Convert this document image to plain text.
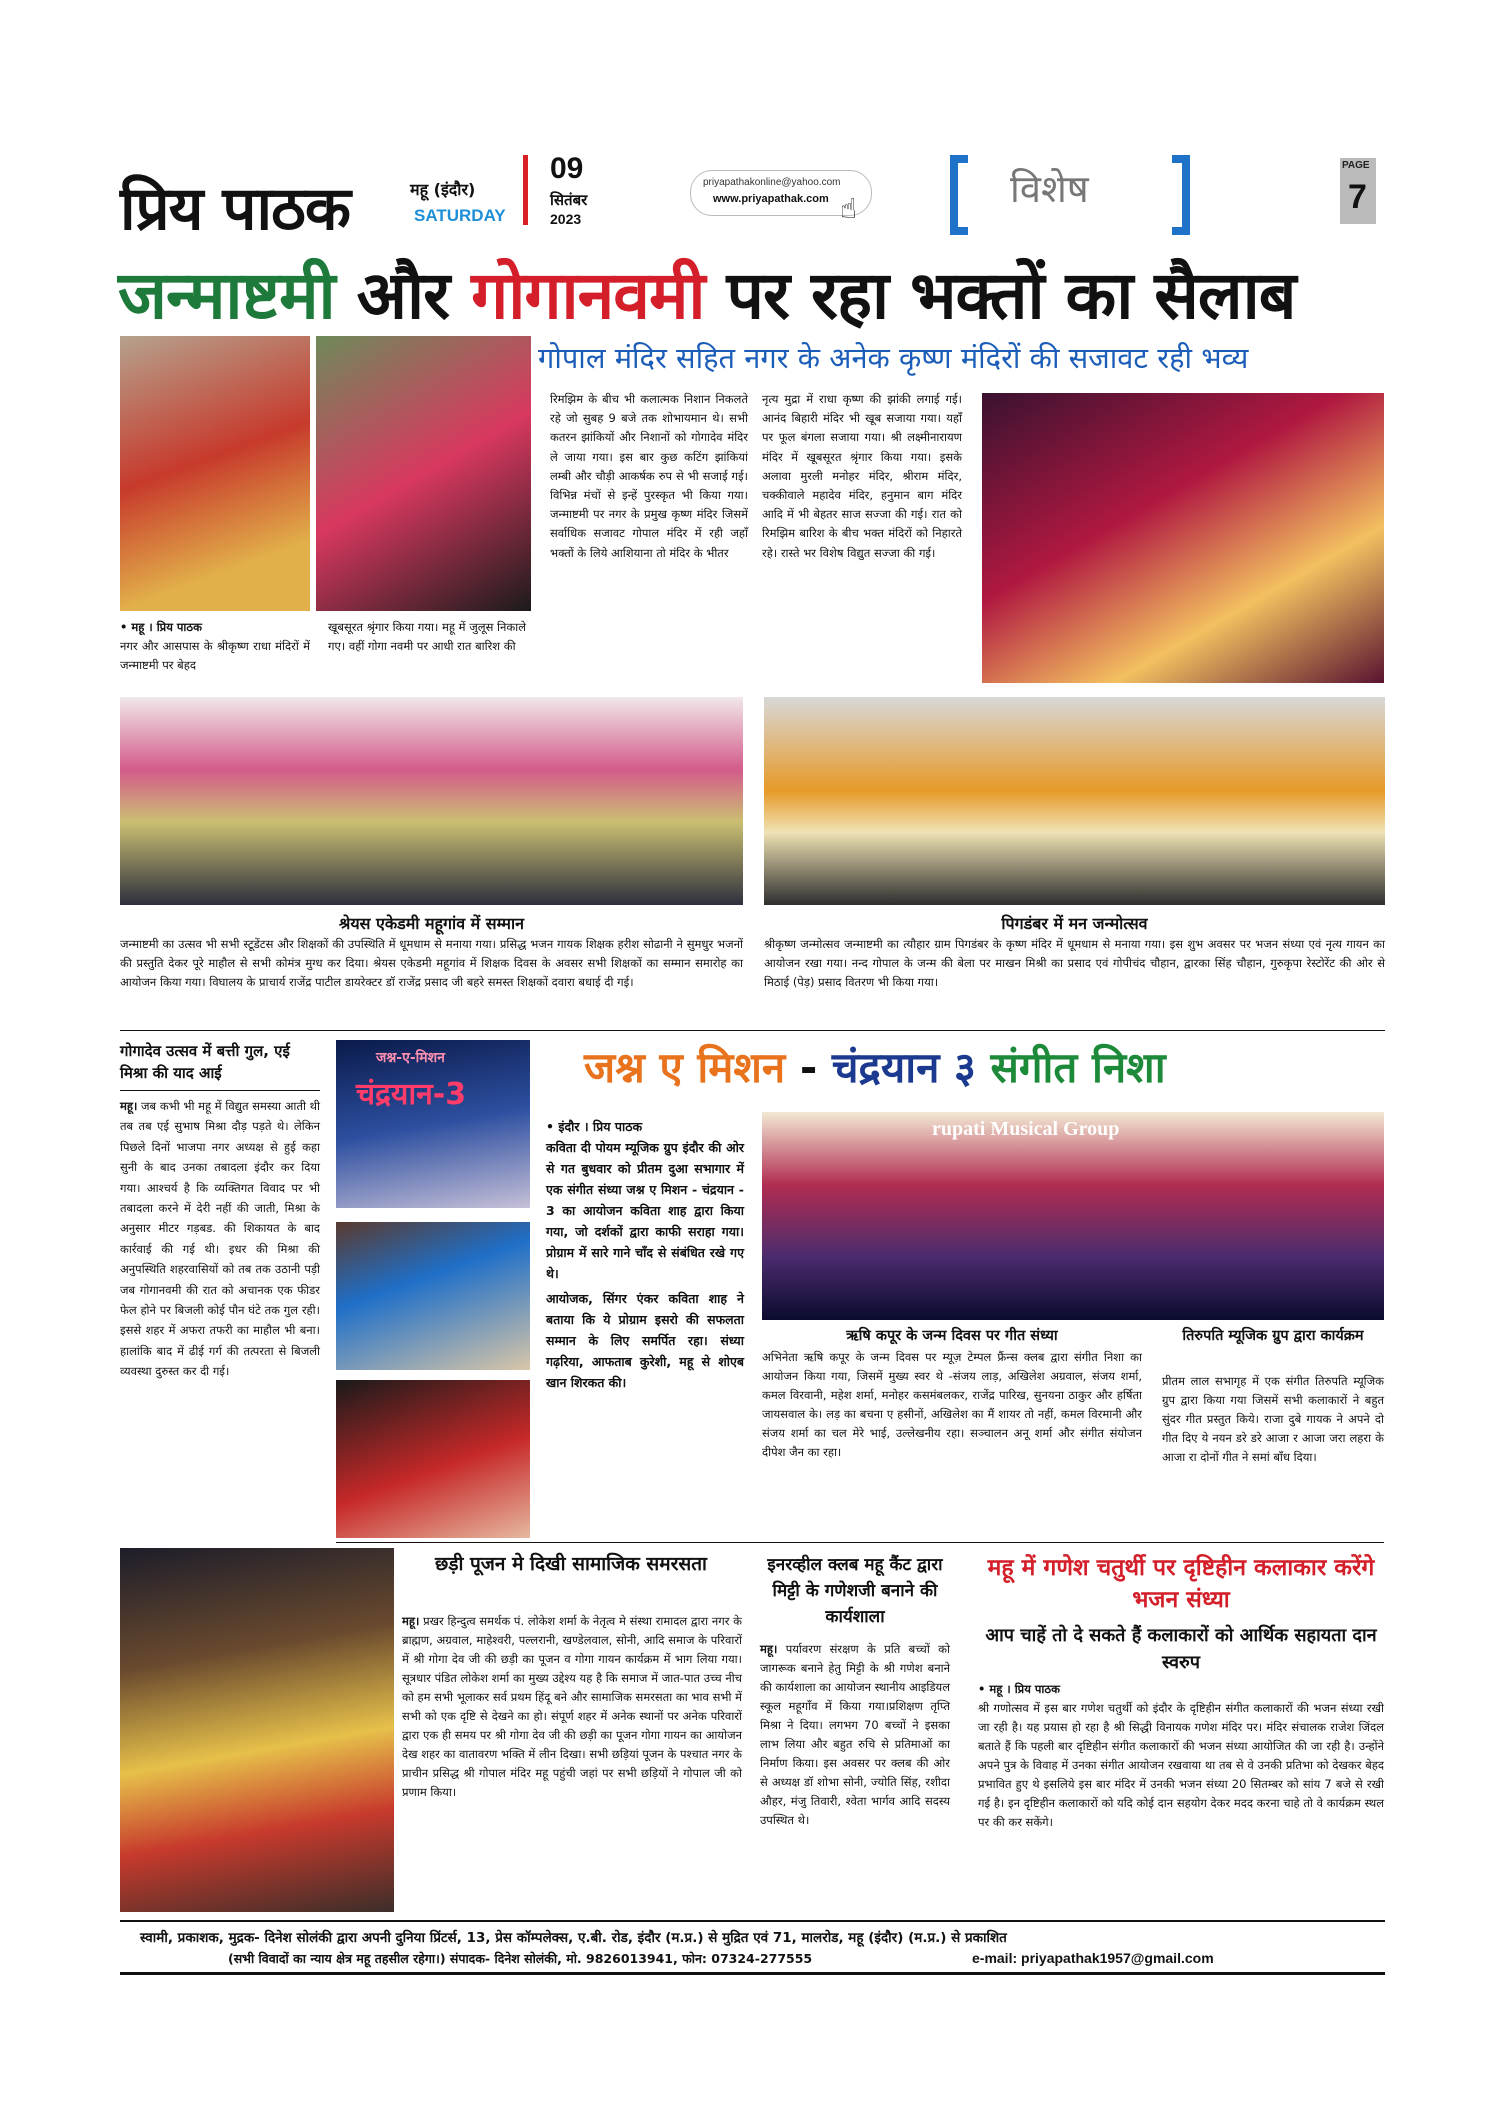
प्रिय पाठक	महू (इंदौर)
SATURDAY
09
सितंबर
2023
priyapathakonline@yahoo.com
www.priyapathak.com ☝	विशेष
PAGE
7
जन्माष्टमी और गोगानवमी पर रहा भक्तों का सैलाब
गोपाल मंदिर सहित नगर के अनेक कृष्ण मंदिरों की सजावट रही भव्य
• महू । प्रिय पाठक
नगर और आसपास के श्रीकृष्ण राधा मंदिरों में जन्माष्टमी पर बेहद
खूबसूरत श्रृंगार किया गया। महू में जुलूस निकाले गए। वहीं गोगा नवमी पर आधी रात बारिश की
रिमझिम के बीच भी कलात्मक निशान निकलते रहे जो सुबह 9 बजे तक शोभायमान थे। सभी कतरन झांकियों और निशानों को गोगादेव मंदिर ले जाया गया। इस बार कुछ कटिंग झांकियां लम्बी और चौड़ी आकर्षक रुप से भी सजाई गई। विभिन्न मंचों से इन्हें पुरस्कृत भी किया गया। जन्माष्टमी पर नगर के प्रमुख कृष्ण मंदिर जिसमें सर्वाधिक सजावट गोपाल मंदिर में रही जहाँ भक्तों के लिये आशियाना तो मंदिर के भीतर
नृत्य मुद्रा में राधा कृष्ण की झांकी लगाई गई। आनंद बिहारी मंदिर भी खूब सजाया गया। यहाँ पर फूल बंगला सजाया गया। श्री लक्ष्मीनारायण मंदिर में खूबसूरत श्रृंगार किया गया। इसके अलावा मुरली मनोहर मंदिर, श्रीराम मंदिर, चक्कीवाले महादेव मंदिर, हनुमान बाग मंदिर आदि में भी बेहतर साज सज्जा की गई। रात को रिमझिम बारिश के बीच भक्त मंदिरों को निहारते रहे। रास्ते भर विशेष विद्युत सज्जा की गई।
श्रेयस एकेडमी महूगांव में सम्मान
जन्माष्टमी का उत्सव भी सभी स्टूडेंटस और शिक्षकों की उपस्थिति में धूमधाम से मनाया गया। प्रसिद्ध भजन गायक शिक्षक हरीश सोढानी ने सुमधुर भजनों की प्रस्तुति देकर पूरे माहौल से सभी कोमंत्र मुग्ध कर दिया। श्रेयस एकेडमी महूगांव में शिक्षक दिवस के अवसर सभी शिक्षकों का सम्मान समारोह का आयोजन किया गया। विघालय के प्राचार्य राजेंद्र पाटील डायरेक्टर डॉ राजेंद्र प्रसाद जी बहरे समस्त शिक्षकों दवारा बधाई दी गई।
पिगडंबर में मन जन्मोत्सव
श्रीकृष्ण जन्मोत्सव जन्माष्टमी का त्यौहार ग्राम पिगडंबर के कृष्ण मंदिर में धूमधाम से मनाया गया। इस शुभ अवसर पर भजन संध्या एवं नृत्य गायन का आयोजन रखा गया। नन्द गोपाल के जन्म की बेला पर माखन मिश्री का प्रसाद एवं गोपीचंद चौहान, द्वारका सिंह चौहान, गुरुकृपा रेस्टोरेंट की ओर से मिठाई (पेड़) प्रसाद वितरण भी किया गया।
गोगादेव उत्सव में बत्ती गुल, एई मिश्रा की याद आई
महू। जब कभी भी महू में विद्युत समस्या आती थी तब तब एई सुभाष मिश्रा दौड़ पड़ते थे। लेकिन पिछले दिनों भाजपा नगर अध्यक्ष से हुई कहा सुनी के बाद उनका तबादला इंदौर कर दिया गया। आश्चर्य है कि व्यक्तिगत विवाद पर भी तबादला करने में देरी नहीं की जाती, मिश्रा के अनुसार मीटर गड़बड. की शिकायत के बाद कार्रवाई की गई थी। इधर की मिश्रा की अनुपस्थिति शहरवासियों को तब तक उठानी पड़ी जब गोगानवमी की रात को अचानक एक फीडर फेल होने पर बिजली कोई पौन घंटे तक गुल रही। इससे शहर में अफरा तफरी का माहौल भी बना। हालांकि बाद में ढीई गर्ग की तत्परता से बिजली व्यवस्था दुरुस्त कर दी गई।
जश्न-ए-मिशन
चंद्रयान-3
जश्न ए मिशन - चंद्रयान ३ संगीत निशा
• इंदौर । प्रिय पाठक
कविता दी पोयम म्यूजिक ग्रुप इंदौर की ओर से गत बुधवार को प्रीतम दुआ सभागार में एक संगीत संध्या जश्न ए मिशन - चंद्रयान - 3 का आयोजन कविता शाह द्वारा किया गया, जो दर्शकों द्वारा काफी सराहा गया। प्रोग्राम में सारे गाने चाँद से संबंधित रखे गए थे।
आयोजक, सिंगर एंकर कविता शाह ने बताया कि ये प्रोग्राम इसरो की सफलता सम्मान के लिए समर्पित रहा। संध्या गढ़रिया, आफताब कुरेशी, महू से शोएब खान शिरकत की।
rupati Musical Group
ऋषि कपूर के जन्म दिवस पर गीत संध्या
अभिनेता ऋषि कपूर के जन्म दिवस पर म्यूज़ टेम्पल फ्रैंन्स क्लब द्वारा संगीत निशा का आयोजन किया गया, जिसमें मुख्य स्वर थे -संजय लाड़, अखिलेश अग्रवाल, संजय शर्मा, कमल विरवानी, महेश शर्मा, मनोहर कसमंबलकर, राजेंद्र पारिख, सुनयना ठाकुर और हर्षिता जायसवाल के। लड़ का बचना ए हसीनों, अखिलेश का मैं शायर तो नहीं, कमल विरमानी और संजय शर्मा का चल मेरे भाई, उल्लेखनीय रहा। सञ्चालन अनू शर्मा और संगीत संयोजन दीपेश जैन का रहा।
तिरुपति म्यूजिक ग्रुप द्वारा कार्यक्रम
प्रीतम लाल सभागृह में एक संगीत तिरुपति म्यूजिक ग्रुप द्वारा किया गया जिसमें सभी कलाकारों ने बहुत सुंदर गीत प्रस्तुत किये। राजा दुबे गायक ने अपने दो गीत दिए ये नयन डरे डरे आजा र आजा जरा लहरा के आजा रा दोनों गीत ने समां बाँध दिया।
छड़ी पूजन मे दिखी सामाजिक समरसता
महू। प्रखर हिन्दुत्व समर्थक पं. लोकेश शर्मा के नेतृत्व मे संस्था रामादल द्वारा नगर के ब्राह्मण, अग्रवाल, माहेश्वरी, पल्लरानी, खण्डेलवाल, सोनी, आदि समाज के परिवारों में श्री गोगा देव जी की छड़ी का पूजन व गोगा गायन कार्यक्रम में भाग लिया गया। सूत्रधार पंडित लोकेश शर्मा का मुख्य उद्देश्य यह है कि समाज में जात-पात उच्च नीच को हम सभी भूलाकर सर्व प्रथम हिंदू बने और सामाजिक समरसता का भाव सभी में सभी को एक दृष्टि से देखने का हो। संपूर्ण शहर में अनेक स्थानों पर अनेक परिवारों द्वारा एक ही समय पर श्री गोगा देव जी की छड़ी का पूजन गोगा गायन का आयोजन देख शहर का वातावरण भक्ति में लीन दिखा। सभी छड़ियां पूजन के पश्चात नगर के प्राचीन प्रसिद्ध श्री गोपाल मंदिर महू पहुंची जहां पर सभी छड़ियों ने गोपाल जी को प्रणाम किया।
इनरव्हील क्लब महू कैंट द्वारा मिट्टी के गणेशजी बनाने की कार्यशाला
महू। पर्यावरण संरक्षण के प्रति बच्चों को जागरूक बनाने हेतु मिट्टी के श्री गणेश बनाने की कार्यशाला का आयोजन स्थानीय आइडियल स्कूल महूगाँव में किया गया।प्रशिक्षण तृप्ति मिश्रा ने दिया। लगभग 70 बच्चों ने इसका लाभ लिया और बहुत रुचि से प्रतिमाओं का निर्माण किया। इस अवसर पर क्लब की ओर से अध्यक्ष डॉ शोभा सोनी, ज्योति सिंह, रशीदा औहर, मंजु तिवारी, श्वेता भार्गव आदि सदस्य उपस्थित थे।
महू में गणेश चतुर्थी पर दृष्टिहीन कलाकार करेंगे भजन संध्या
आप चाहें तो दे सकते हैं कलाकारों को आर्थिक सहायता दान स्वरुप
• महू । प्रिय पाठक
श्री गणोत्सव में इस बार गणेश चतुर्थी को इंदौर के दृष्टिहीन संगीत कलाकारों की भजन संध्या रखी जा रही है। यह प्रयास हो रहा है श्री सिद्धी विनायक गणेश मंदिर पर। मंदिर संचालक राजेश जिंदल बताते हैं कि पहली बार दृष्टिहीन संगीत कलाकारों की भजन संध्या आयोजित की जा रही है। उन्होंने अपने पुत्र के विवाह में उनका संगीत आयोजन रखवाया था तब से वे उनकी प्रतिभा को देखकर बेहद प्रभावित हुए थे इसलिये इस बार मंदिर में उनकी भजन संध्या 20 सितम्बर को सांय 7 बजे से रखी गई है। इन दृष्टिहीन कलाकारों को यदि कोई दान सहयोग देकर मदद करना चाहे तो वे कार्यक्रम स्थल पर की कर सकेंगे।
स्वामी, प्रकाशक, मुद्रक- दिनेश सोलंकी द्वारा अपनी दुनिया प्रिंटर्स, 13, प्रेस कॉम्पलेक्स, ए.बी. रोड, इंदौर (म.प्र.) से मुद्रित एवं 71, मालरोड, महू (इंदौर) (म.प्र.) से प्रकाशित
(सभी विवादों का न्याय क्षेत्र महू तहसील रहेगा।) संपादक- दिनेश सोलंकी, मो. 9826013941, फोन: 07324-277555	e-mail: priyapathak1957@gmail.com
